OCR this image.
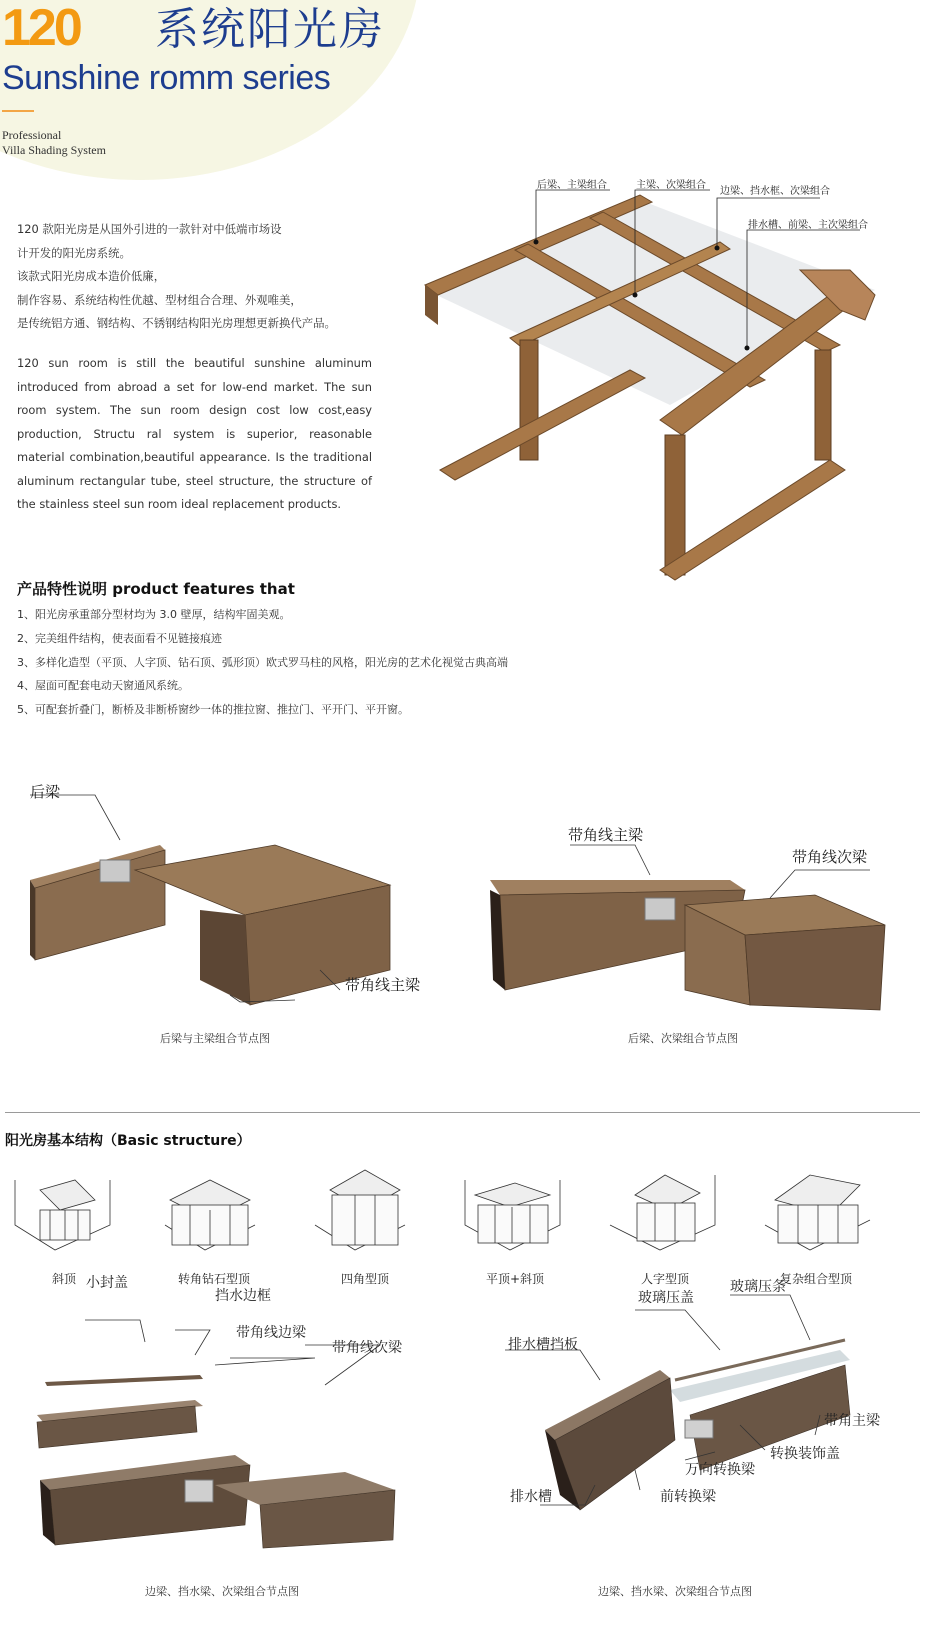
120 系统阳光房
Sunshine romm series
Professional
Villa Shading System

120 款阳光房是从国外引进的一款针对中低端市场设

计开发的阳光房系统。

该款式阳光房成本造价低廉，

制作容易、系统结构性优越、型材组合合理、外观唯美，

是传统铝方通、钢结构、不锈钢结构阳光房理想更新换代产品。

120 sun room is still the beautiful sunshine aluminum introduced from abroad a set for low-end market. The sun room system. The sun room design cost low cost,easy production, Structu ral system is superior, reasonable material combination,beautiful appearance. Is the traditional aluminum rectangular tube, steel structure, the structure of the stainless steel sun room ideal replacement products.
后梁、主梁组合	主梁、次梁组合
边梁、挡水框、次梁组合
排水槽、前梁、主次梁组合
产品特性说明 product features that
1、阳光房承重部分型材均为 3.0 壁厚，结构牢固美观。
2、完美组件结构，使表面看不见链接痕迹
3、多样化造型（平顶、人字顶、钻石顶、弧形顶）欧式罗马柱的风格，阳光房的艺术化视觉古典高端
4、屋面可配套电动天窗通风系统。
5、可配套折叠门，断桥及非断桥窗纱一体的推拉窗、推拉门、平开门、平开窗。
后梁
带角线主梁
后梁与主梁组合节点图
带角线主梁
带角线次梁
后梁、次梁组合节点图
阳光房基本结构（Basic structure）
斜顶	转角钻石型顶	四角型顶	平顶+斜顶	人字型顶	复杂组合型顶
小封盖
挡水边框
带角线边梁
带角线次梁
边梁、挡水梁、次梁组合节点图
玻璃压盖
玻璃压条
排水槽挡板
带角主梁
转换装饰盖
万向转换梁
排水槽	前转换梁
边梁、挡水梁、次梁组合节点图
